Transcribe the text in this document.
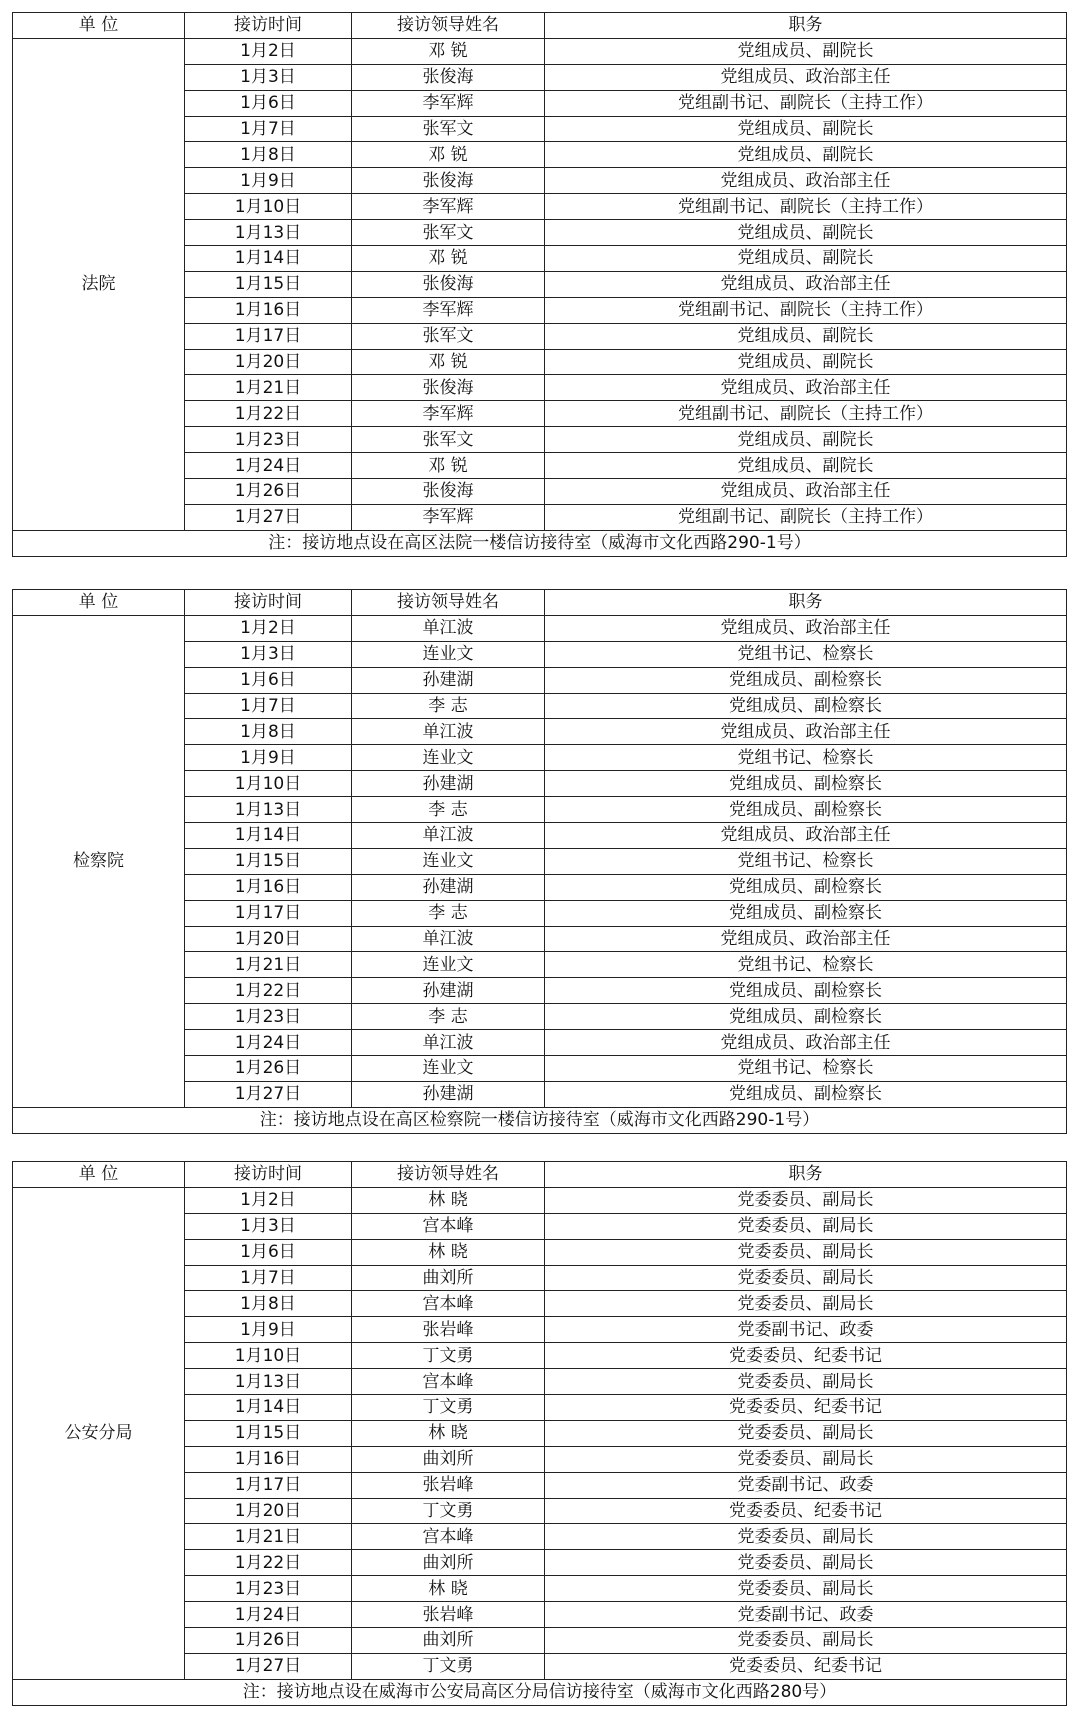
单 位	接访时间	接访领导姓名	职务
法院	1月2日	邓 锐	党组成员、副院长
	1月3日	张俊海	党组成员、政治部主任
	1月6日	李军辉	党组副书记、副院长（主持工作）
	1月7日	张军文	党组成员、副院长
	1月8日	邓 锐	党组成员、副院长
	1月9日	张俊海	党组成员、政治部主任
	1月10日	李军辉	党组副书记、副院长（主持工作）
	1月13日	张军文	党组成员、副院长
	1月14日	邓 锐	党组成员、副院长
	1月15日	张俊海	党组成员、政治部主任
	1月16日	李军辉	党组副书记、副院长（主持工作）
	1月17日	张军文	党组成员、副院长
	1月20日	邓 锐	党组成员、副院长
	1月21日	张俊海	党组成员、政治部主任
	1月22日	李军辉	党组副书记、副院长（主持工作）
	1月23日	张军文	党组成员、副院长
	1月24日	邓 锐	党组成员、副院长
	1月26日	张俊海	党组成员、政治部主任
	1月27日	李军辉	党组副书记、副院长（主持工作）
注：接访地点设在高区法院一楼信访接待室（威海市文化西路290-1号）			
单 位	接访时间	接访领导姓名	职务
检察院	1月2日	单江波	党组成员、政治部主任
	1月3日	连业文	党组书记、检察长
	1月6日	孙建湖	党组成员、副检察长
	1月7日	李 志	党组成员、副检察长
	1月8日	单江波	党组成员、政治部主任
	1月9日	连业文	党组书记、检察长
	1月10日	孙建湖	党组成员、副检察长
	1月13日	李 志	党组成员、副检察长
	1月14日	单江波	党组成员、政治部主任
	1月15日	连业文	党组书记、检察长
	1月16日	孙建湖	党组成员、副检察长
	1月17日	李 志	党组成员、副检察长
	1月20日	单江波	党组成员、政治部主任
	1月21日	连业文	党组书记、检察长
	1月22日	孙建湖	党组成员、副检察长
	1月23日	李 志	党组成员、副检察长
	1月24日	单江波	党组成员、政治部主任
	1月26日	连业文	党组书记、检察长
	1月27日	孙建湖	党组成员、副检察长
注：接访地点设在高区检察院一楼信访接待室（威海市文化西路290-1号）			
单 位	接访时间	接访领导姓名	职务
公安分局	1月2日	林 晓	党委委员、副局长
	1月3日	宫本峰	党委委员、副局长
	1月6日	林 晓	党委委员、副局长
	1月7日	曲刘所	党委委员、副局长
	1月8日	宫本峰	党委委员、副局长
	1月9日	张岩峰	党委副书记、政委
	1月10日	丁文勇	党委委员、纪委书记
	1月13日	宫本峰	党委委员、副局长
	1月14日	丁文勇	党委委员、纪委书记
	1月15日	林 晓	党委委员、副局长
	1月16日	曲刘所	党委委员、副局长
	1月17日	张岩峰	党委副书记、政委
	1月20日	丁文勇	党委委员、纪委书记
	1月21日	宫本峰	党委委员、副局长
	1月22日	曲刘所	党委委员、副局长
	1月23日	林 晓	党委委员、副局长
	1月24日	张岩峰	党委副书记、政委
	1月26日	曲刘所	党委委员、副局长
	1月27日	丁文勇	党委委员、纪委书记
注：接访地点设在威海市公安局高区分局信访接待室（威海市文化西路280号）			
